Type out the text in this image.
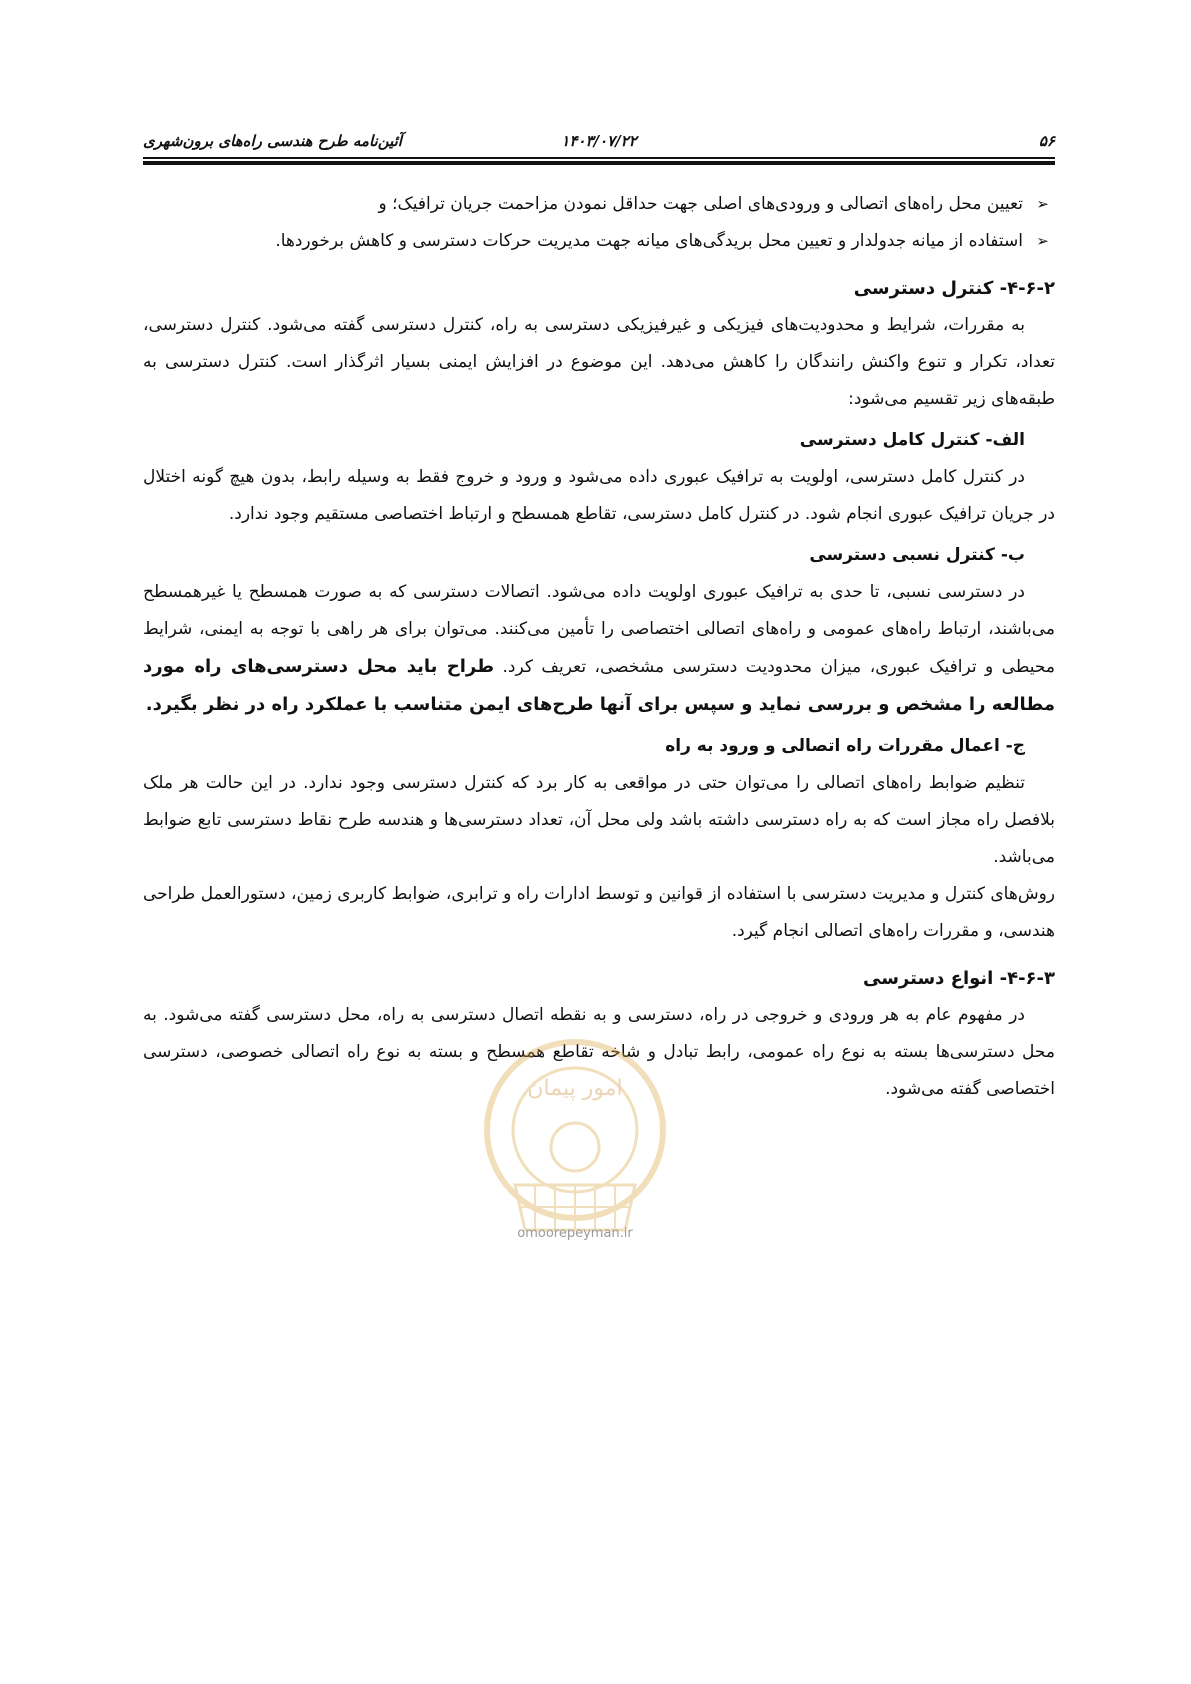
۵۶
۱۴۰۳/۰۷/۲۲
آئین‌نامه طرح هندسی راه‌های برون‌شهری

➢
تعیین محل راه‌های اتصالی و ورودی‌های اصلی جهت حداقل نمودن مزاحمت جریان ترافیک؛ و

➢
استفاده از میانه جدولدار و تعیین محل بریدگی‌های میانه جهت مدیریت حرکات دسترسی و کاهش برخوردها.

۴-۶-۲- کنترل دسترسی

به مقررات، شرایط و محدودیت‌های فیزیکی و غیرفیزیکی دسترسی به راه، کنترل دسترسی گفته می‌شود. کنترل دسترسی، تعداد، تکرار و تنوع واکنش رانندگان را کاهش می‌دهد. این موضوع در افزایش ایمنی بسیار اثرگذار است. کنترل دسترسی به طبقه‌های زیر تقسیم می‌شود:

الف- کنترل کامل دسترسی

در کنترل کامل دسترسی، اولویت به ترافیک عبوری داده می‌شود و ورود و خروج فقط به وسیله رابط، بدون هیچ گونه اختلال در جریان ترافیک عبوری انجام شود. در کنترل کامل دسترسی، تقاطع همسطح و ارتباط اختصاصی مستقیم وجود ندارد.

ب- کنترل نسبی دسترسی

در دسترسی نسبی، تا حدی به ترافیک عبوری اولویت داده می‌شود. اتصالات دسترسی که به صورت همسطح یا غیرهمسطح می‌باشند، ارتباط راه‌های عمومی و راه‌های اتصالی اختصاصی را تأمین می‌کنند. می‌توان برای هر راهی با توجه به ایمنی، شرایط محیطی و ترافیک عبوری، میزان محدودیت دسترسی مشخصی، تعریف کرد. طراح باید محل دسترسی‌های راه مورد مطالعه را مشخص و بررسی نماید و سپس برای آنها طرح‌های ایمن متناسب با عملکرد راه در نظر بگیرد.

ج- اعمال مقررات راه اتصالی و ورود به راه

تنظیم ضوابط راه‌های اتصالی را می‌توان حتی در مواقعی به کار برد که کنترل دسترسی وجود ندارد. در این حالت هر ملک بلافصل راه مجاز است که به راه دسترسی داشته باشد ولی محل آن، تعداد دسترسی‌ها و هندسه طرح نقاط دسترسی تابع ضوابط می‌باشد.

روش‌های کنترل و مدیریت دسترسی با استفاده از قوانین و توسط ادارات راه و ترابری، ضوابط کاربری زمین، دستورالعمل طراحی هندسی، و مقررات راه‌های اتصالی انجام گیرد.

۴-۶-۳- انواع دسترسی

در مفهوم عام به هر ورودی و خروجی در راه، دسترسی و به نقطه اتصال دسترسی به راه، محل دسترسی گفته می‌شود. به محل دسترسی‌ها بسته به نوع راه عمومی، رابط تبادل و شاخه تقاطع همسطح و بسته به نوع راه اتصالی خصوصی، دسترسی اختصاصی گفته می‌شود.

امور پیمان
omoorepeyman.ir
